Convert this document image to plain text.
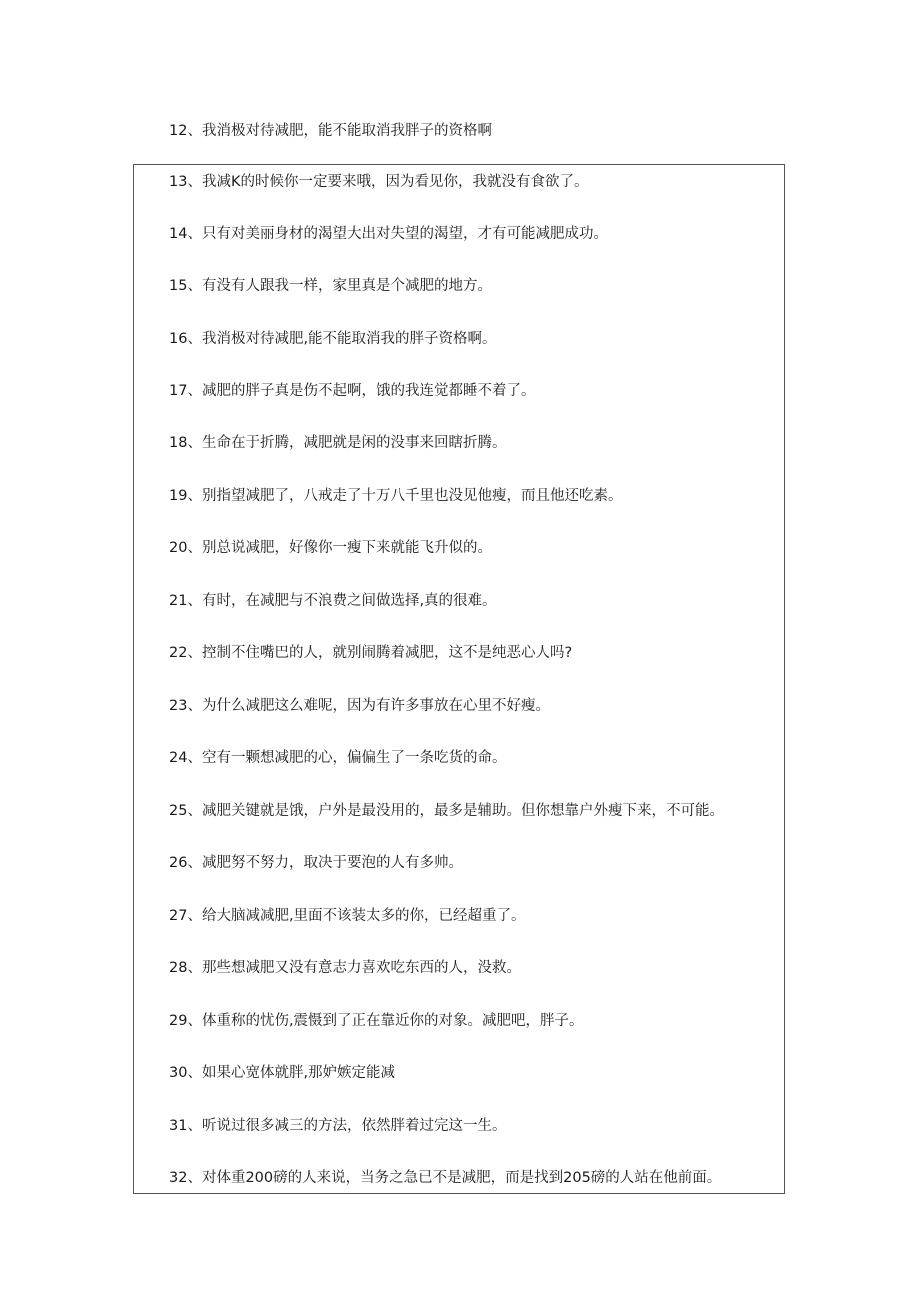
12、我消极对待减肥，能不能取消我胖子的资格啊
13、我减K的时候你一定要来哦，因为看见你，我就没有食欲了。
14、只有对美丽身材的渴望大出对失望的渴望，才有可能减肥成功。
15、有没有人跟我一样，家里真是个减肥的地方。
16、我消极对待减肥,能不能取消我的胖子资格啊。
17、减肥的胖子真是伤不起啊，饿的我连觉都睡不着了。
18、生命在于折腾，减肥就是闲的没事来回瞎折腾。
19、别指望减肥了，八戒走了十万八千里也没见他瘦，而且他还吃素。
20、别总说减肥，好像你一瘦下来就能飞升似的。
21、有时，在减肥与不浪费之间做选择,真的很难。
22、控制不住嘴巴的人，就别闹腾着减肥，这不是纯恶心人吗?
23、为什么减肥这么难呢，因为有许多事放在心里不好瘦。
24、空有一颗想减肥的心，偏偏生了一条吃货的命。
25、减肥关键就是饿，户外是最没用的，最多是辅助。但你想靠户外瘦下来，不可能。
26、减肥努不努力，取决于要泡的人有多帅。
27、给大脑减减肥,里面不该装太多的你，已经超重了。
28、那些想减肥又没有意志力喜欢吃东西的人，没救。
29、体重称的忧伤,震慑到了正在靠近你的对象。减肥吧，胖子。
30、如果心宽体就胖,那妒嫉定能减
31、听说过很多减三的方法，依然胖着过完这一生。
32、对体重200磅的人来说，当务之急已不是减肥，而是找到205磅的人站在他前面。
